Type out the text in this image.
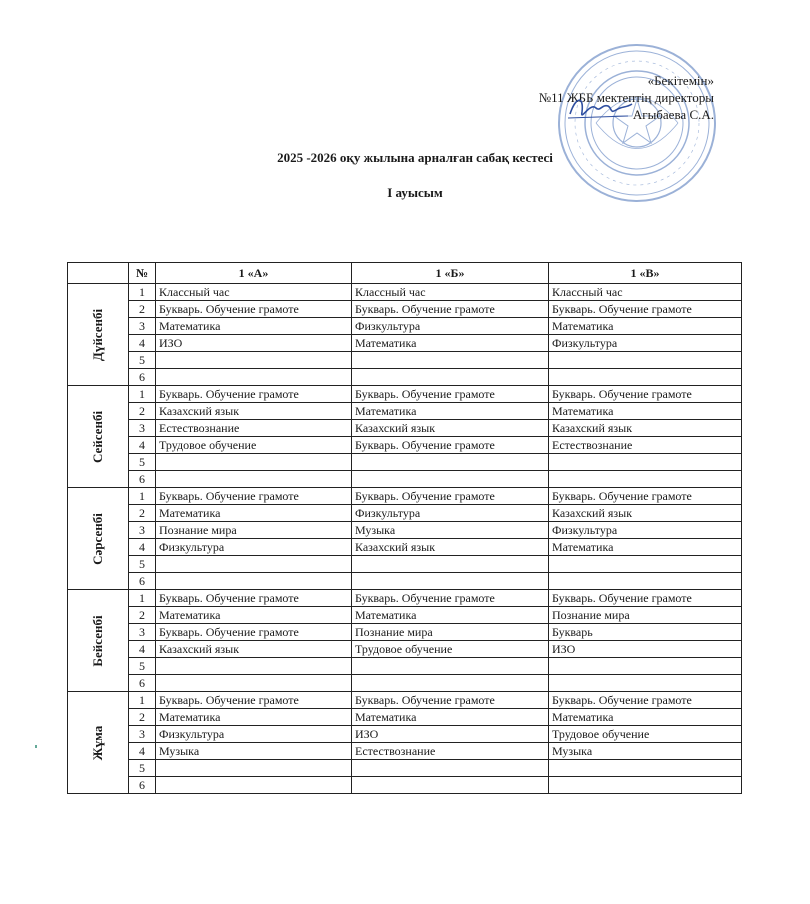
«Бекітемін»
№11 ЖББ мектептің директоры
Агыбаева С.А.
2025 -2026 оқу жылына арналған сабақ кестесі
І ауысым
	№	1 «А»	1 «Б»	1 «В»

Дүйсенбі	1	Классный час	Классный час	Классный час
	2	Букварь. Обучение грамоте	Букварь. Обучение грамоте	Букварь. Обучение грамоте
	3	Математика	Физкультура	Математика
	4	ИЗО	Математика	Физкультура
	5			
	6			

Сейсенбі	1	Букварь. Обучение грамоте	Букварь. Обучение грамоте	Букварь. Обучение грамоте
	2	Казахский язык	Математика	Математика
	3	Естествознание	Казахский язык	Казахский язык
	4	Трудовое обучение	Букварь. Обучение грамоте	Естествознание
	5			
	6			

Сәрсенбі	1	Букварь. Обучение грамоте	Букварь. Обучение грамоте	Букварь. Обучение грамоте
	2	Математика	Физкультура	Казахский язык
	3	Познание мира	Музыка	Физкультура
	4	Физкультура	Казахский язык	Математика
	5			
	6			

Бейсенбі	1	Букварь. Обучение грамоте	Букварь. Обучение грамоте	Букварь. Обучение грамоте
	2	Математика	Математика	Познание мира
	3	Букварь. Обучение грамоте	Познание мира	Букварь
	4	Казахский язык	Трудовое обучение	ИЗО
	5			
	6			

Жұма	1	Букварь. Обучение грамоте	Букварь. Обучение грамоте	Букварь. Обучение грамоте
	2	Математика	Математика	Математика
	3	Физкультура	ИЗО	Трудовое обучение
	4	Музыка	Естествознание	Музыка
	5			
	6			
